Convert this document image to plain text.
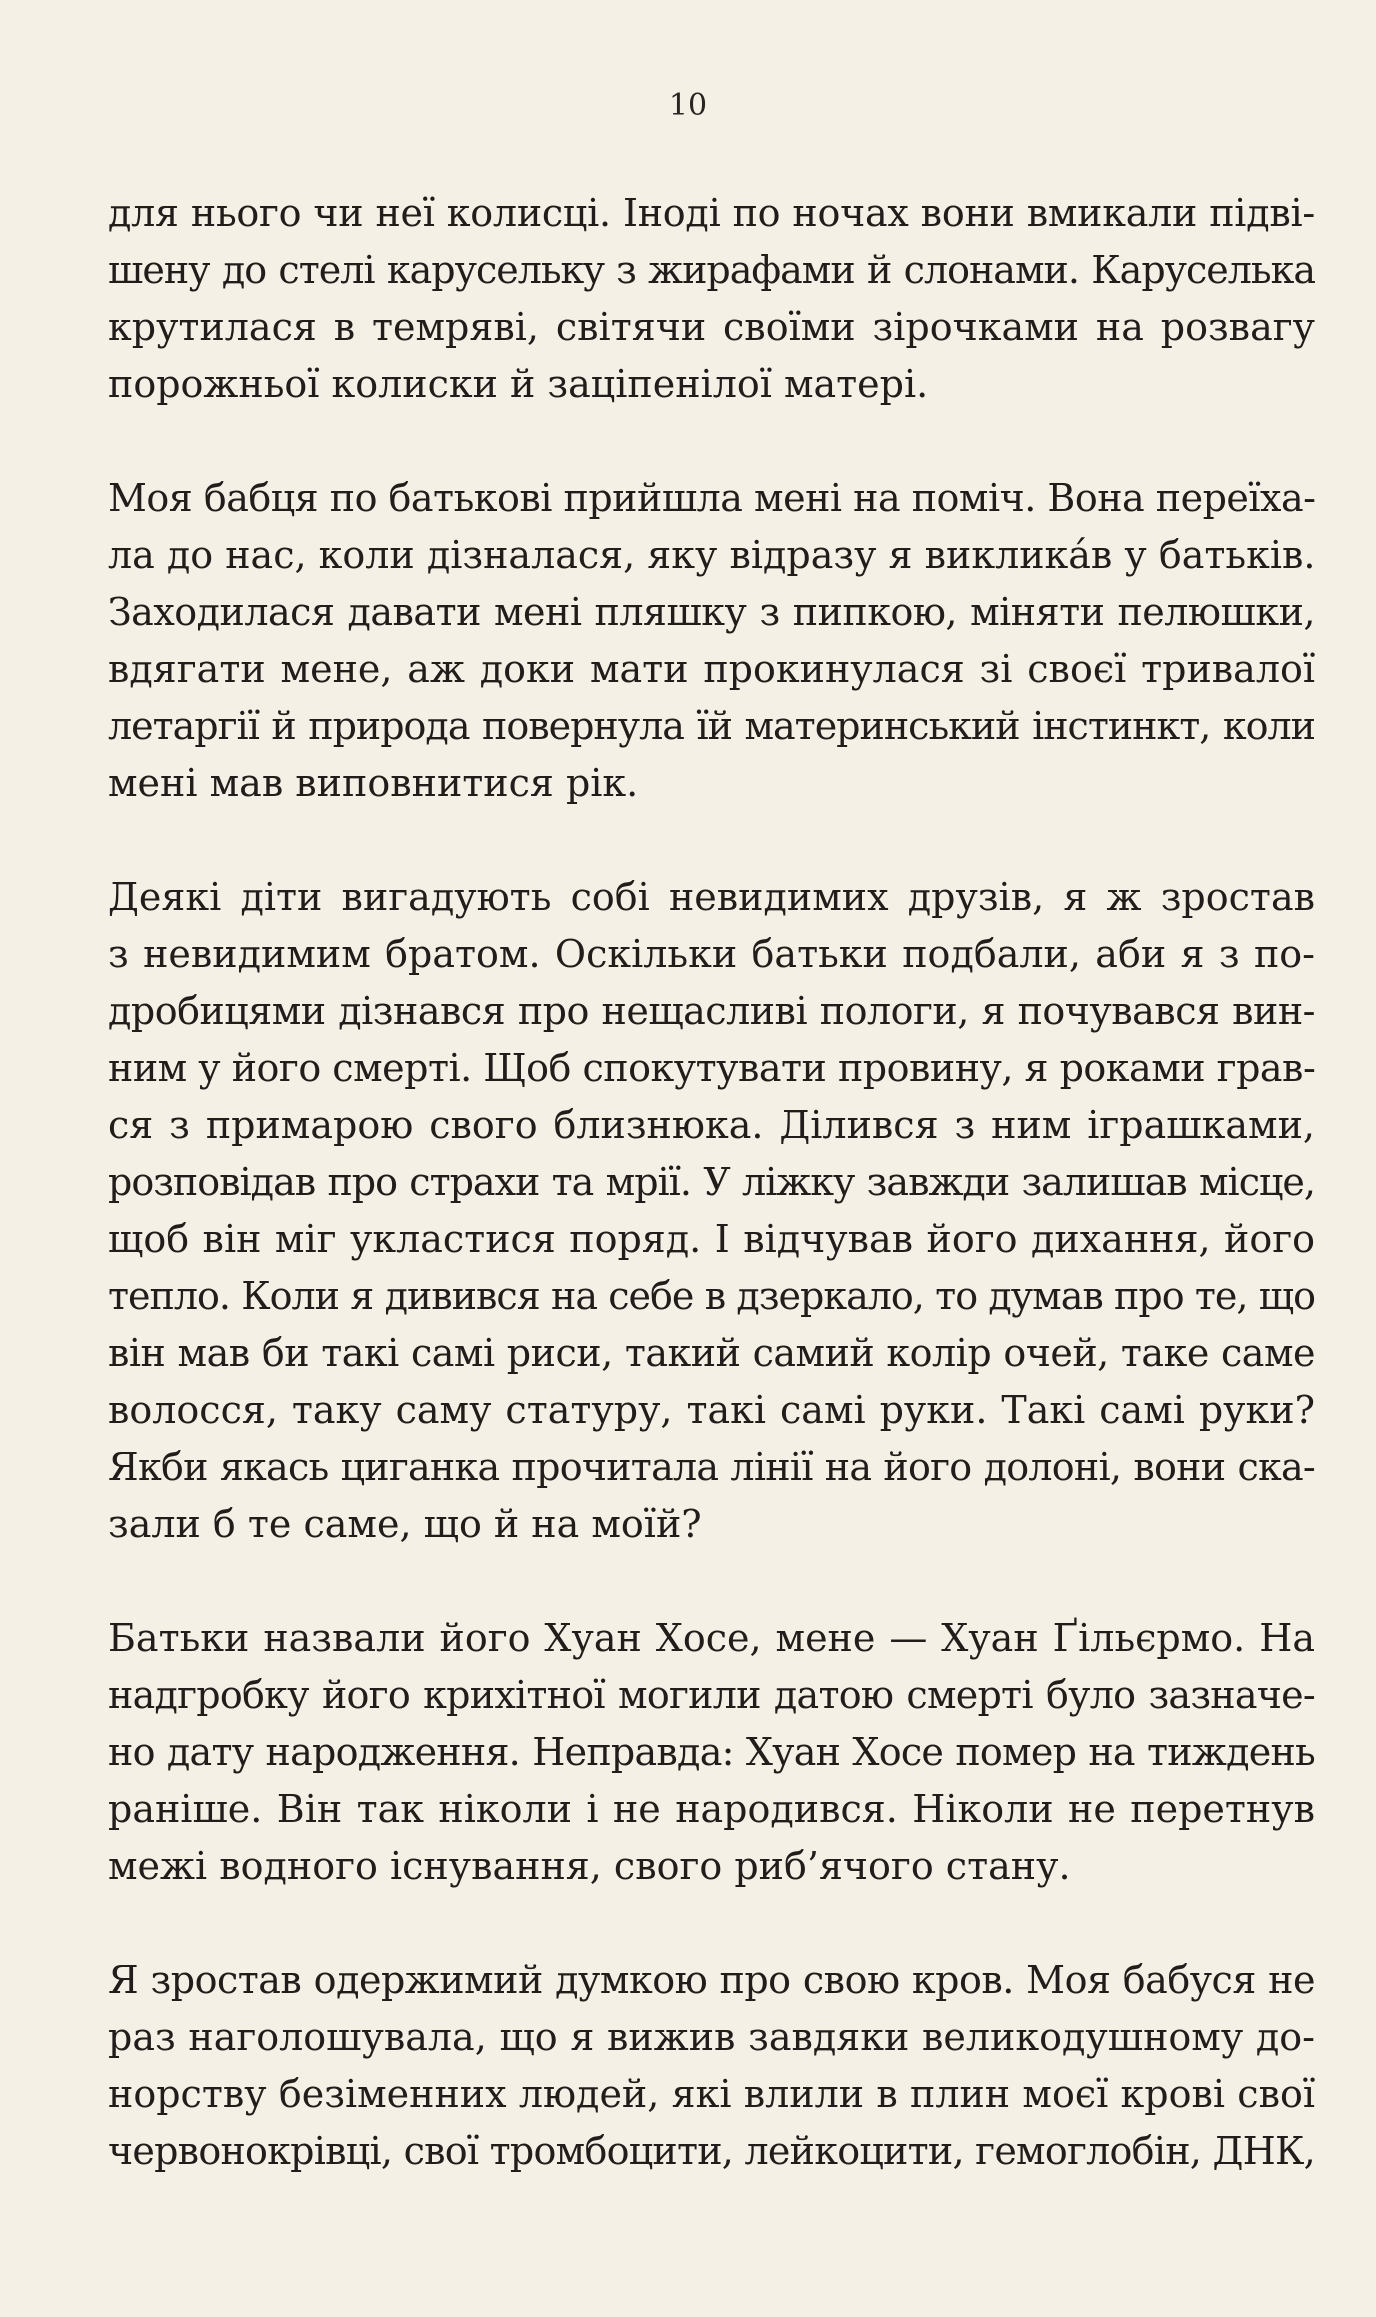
10
для нього чи неї колисці. Іноді по ночах вони вмикали підві-
шену до стелі каруселькy з жирафами й слонами. Каруселька
крутилася в темряві, світячи своїми зірочками на розвагу
порожньої колиски й заціпенілої матері.
Моя бабця по батькові прийшла мені на поміч. Вона переїха-
ла до нас, коли дізналася, яку відразу я викликáв у батьків.
Заходилася давати мені пляшку з пипкою, міняти пелюшки,
вдягати мене, аж доки мати прокинулася зі своєї тривалої
летаргії й природа повернула їй материнський інстинкт, коли
мені мав виповнитися рік.
Деякі діти вигадують собі невидимих друзів, я ж зростав
з невидимим братом. Оскільки батьки подбали, аби я з по-
дробицями дізнався про нещасливі пологи, я почувався вин-
ним у його смерті. Щоб спокутувати провину, я роками грав-
ся з примарою свого близнюка. Ділився з ним іграшками,
розповідав про страхи та мрії. У ліжку завжди залишав місце,
щоб він міг укластися поряд. І відчував його дихання, його
тепло. Коли я дивився на себе в дзеркало, то думав про те, що
він мав би такі самі риси, такий самий колір очей, таке саме
волосся, таку саму статуру, такі самі руки. Такі самі руки?
Якби якась циганка прочитала лінії на його долоні, вони ска-
зали б те саме, що й на моїй?
Батьки назвали його Хуан Хосе, мене — Хуан Ґільєрмо. На
надгробку його крихітної могили датою смерті було зазначе-
но дату народження. Неправда: Хуан Хосе помер на тиждень
раніше. Він так ніколи і не народився. Ніколи не перетнув
межі водного існування, свого риб’ячого стану.
Я зростав одержимий думкою про свою кров. Моя бабуся не
раз наголошувала, що я вижив завдяки великодушному до-
норству безіменних людей, які влили в плин моєї крові свої
червонокрівці, свої тромбоцити, лейкоцити, гемоглобін, ДНК,
